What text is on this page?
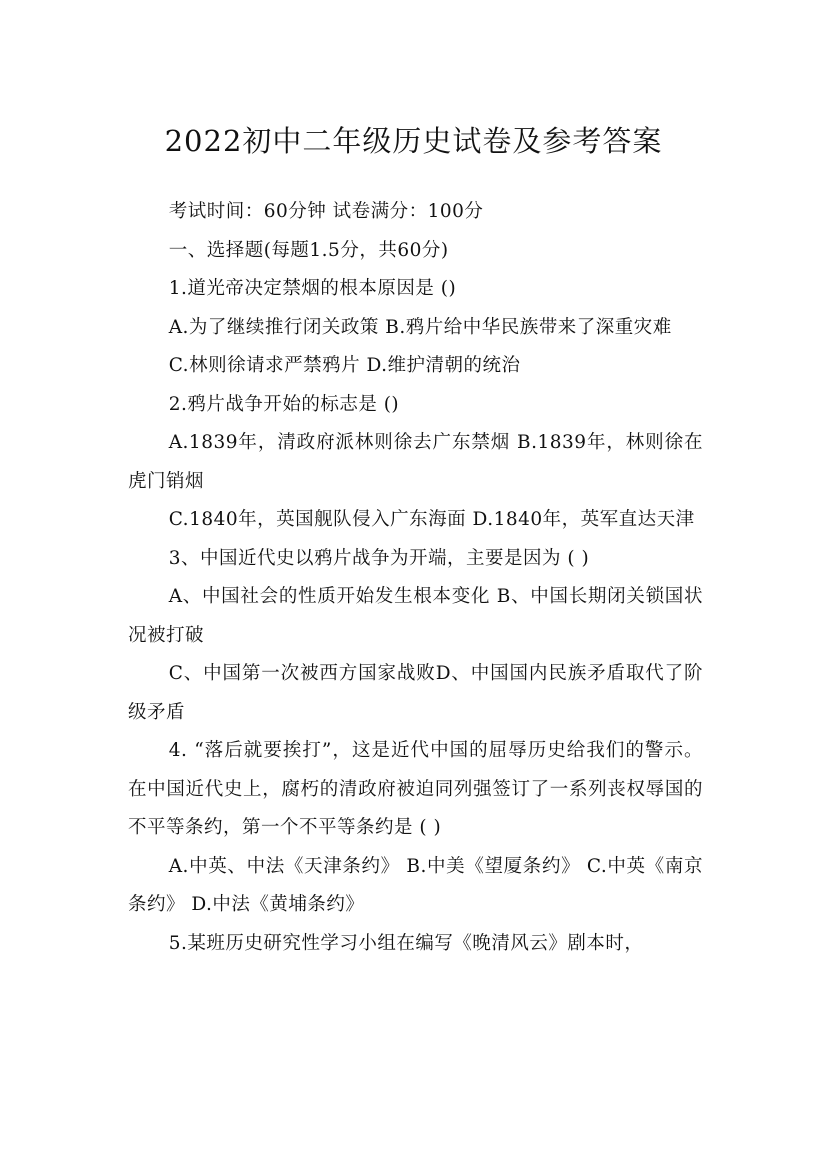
2022初中二年级历史试卷及参考答案

考试时间：60分钟 试卷满分：100分

一、选择题(每题1.5分，共60分)

1.道光帝决定禁烟的根本原因是 ()

A.为了继续推行闭关政策 B.鸦片给中华民族带来了深重灾难

C.林则徐请求严禁鸦片 D.维护清朝的统治

2.鸦片战争开始的标志是 ()

A.1839年，清政府派林则徐去广东禁烟 B.1839年，林则徐在虎门销烟

C.1840年，英国舰队侵入广东海面 D.1840年，英军直达天津

3、中国近代史以鸦片战争为开端，主要是因为 ( )

A、中国社会的性质开始发生根本变化 B、中国长期闭关锁国状况被打破

C、中国第一次被西方国家战败D、中国国内民族矛盾取代了阶级矛盾

4. “落后就要挨打”，这是近代中国的屈辱历史给我们的警示。在中国近代史上，腐朽的清政府被迫同列强签订了一系列丧权辱国的不平等条约，第一个不平等条约是 ( )

A.中英、中法《天津条约》 B.中美《望厦条约》 C.中英《南京条约》 D.中法《黄埔条约》

5.某班历史研究性学习小组在编写《晚清风云》剧本时，
